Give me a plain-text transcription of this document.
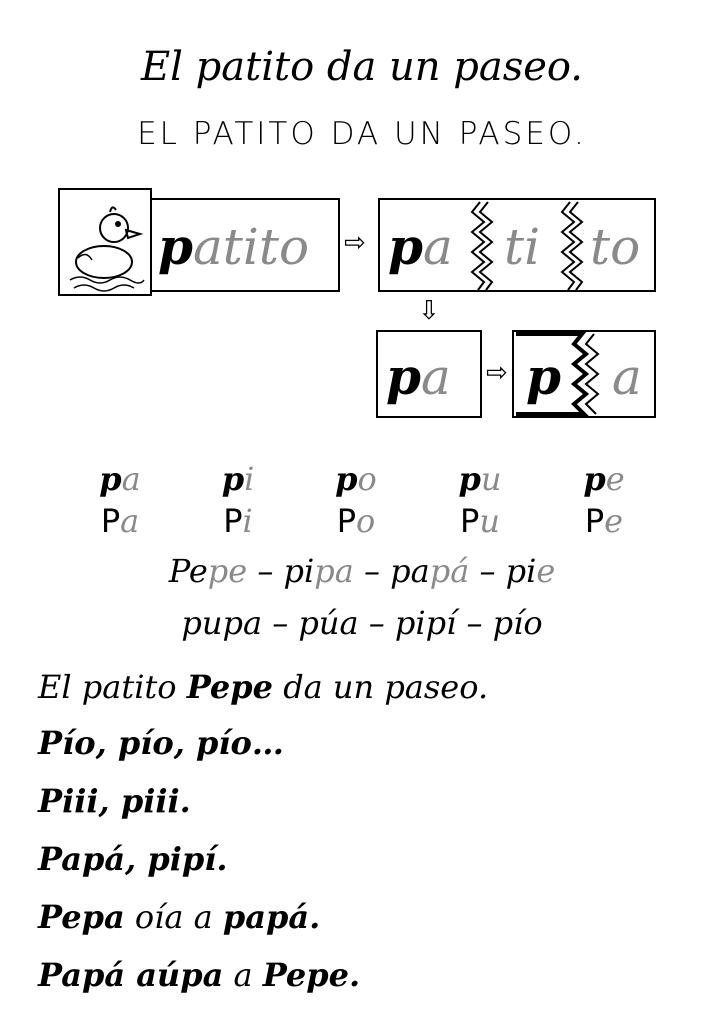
El patito da un paseo.
EL PATITO DA UN PASEO.
patito ⇨ pa ti to
⇩
pa ⇨ p a
pa	pi	po	pu	pe
Pa	Pi	Po	Pu	Pe
Pepe – pipa – papá – pie
pupa – púa – pipí – pío
El patito Pepe da un paseo.
Pío, pío, pío…
Piii, piii.
Papá, pipí.
Pepa oía a papá.
Papá aúpa a Pepe.
